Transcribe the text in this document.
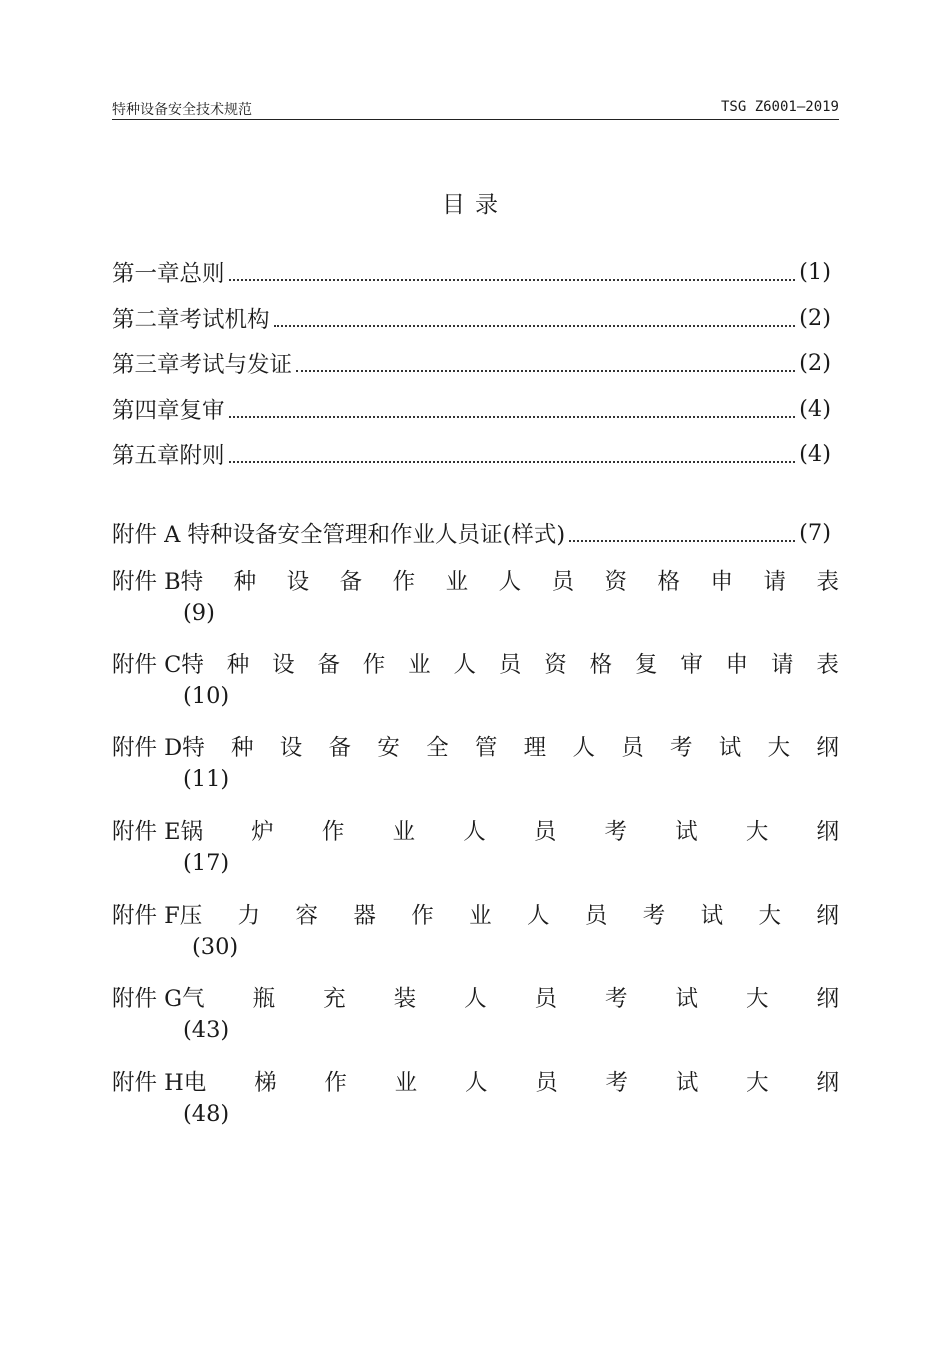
特种设备安全技术规范	TSG Z6001—2019
目录
第一章总则	(1)
第二章考试机构	(2)
第三章考试与发证	(2)
第四章复审	(4)
第五章附则	(4)
附件 A 特种设备安全管理和作业人员证(样式)	(7)
附件 B特 种 设 备 作 业 人 员 资 格 申 请 表
(9)
附件 C特 种 设 备 作 业 人 员 资 格 复 审 申 请 表
(10)
附件 D特 种 设 备 安 全 管 理 人 员 考 试 大 纲
(11)
附件 E锅 炉 作 业 人 员 考 试 大 纲
(17)
附件 F压 力 容 器 作 业 人 员 考 试 大 纲
(30)
附件 G气 瓶 充 装 人 员 考 试 大 纲
(43)
附件 H电 梯 作 业 人 员 考 试 大 纲
(48)
